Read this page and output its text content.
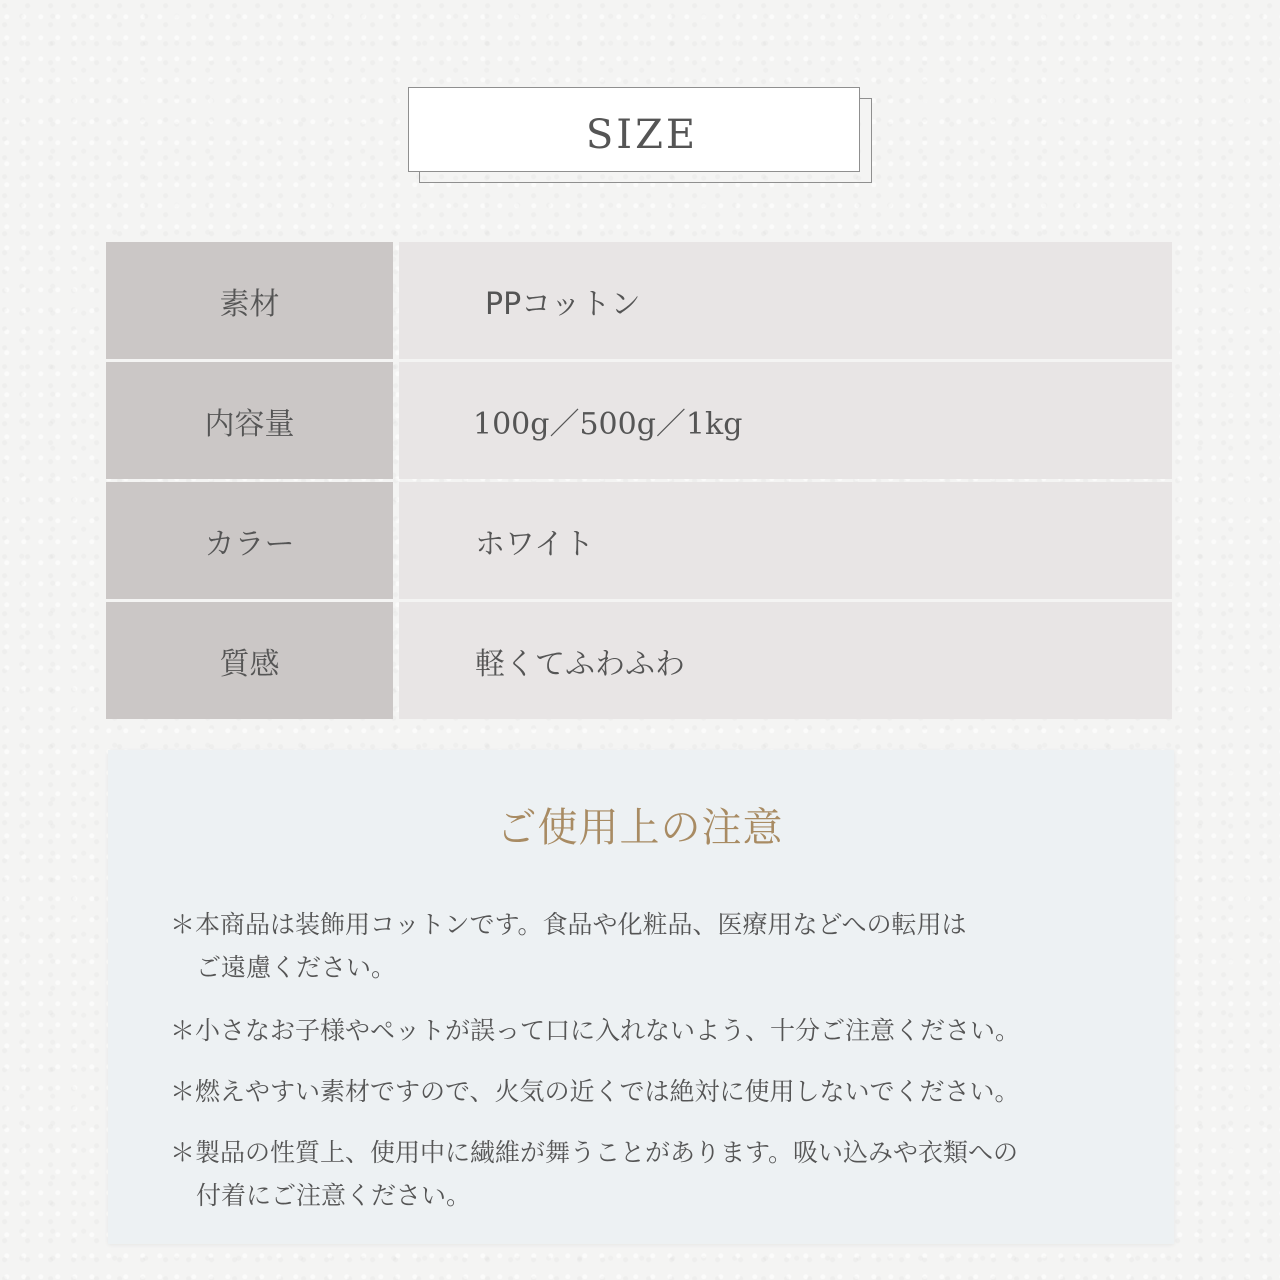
SIZE
素材	PPコットン
内容量	100g／500g／1kg
カラー	ホワイト
質感	軽くてふわふわ
ご使用上の注意
＊本商品は装飾用コットンです。食品や化粧品、医療用などへの転用は
ご遠慮ください。
＊小さなお子様やペットが誤って口に入れないよう、十分ご注意ください。
＊燃えやすい素材ですので、火気の近くでは絶対に使用しないでください。
＊製品の性質上、使用中に繊維が舞うことがあります。吸い込みや衣類への
付着にご注意ください。
